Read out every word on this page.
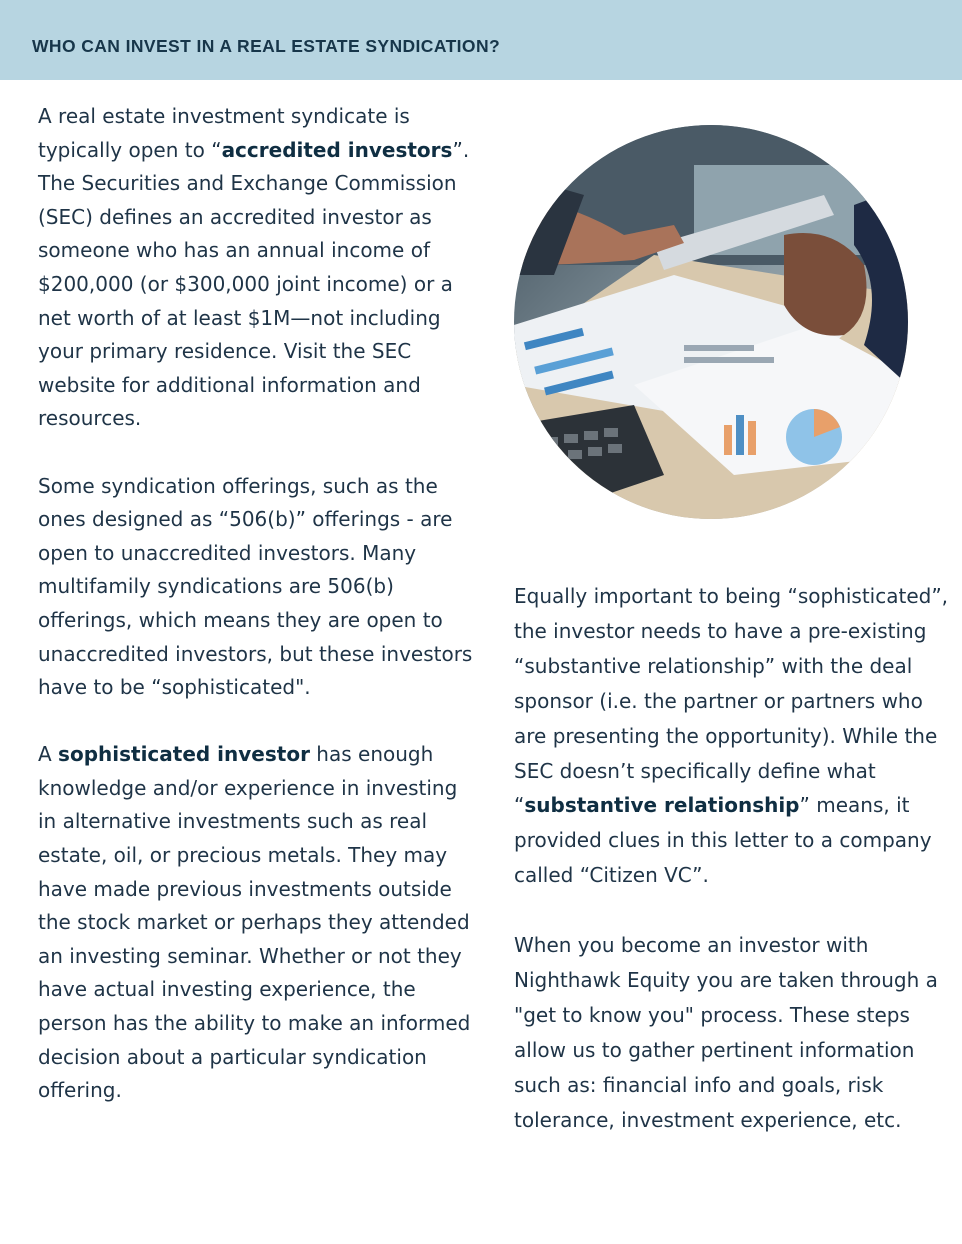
WHO CAN INVEST IN A REAL ESTATE SYNDICATION?

A real estate investment syndicate is typically open to “accredited investors”. The Securities and Exchange Commission (SEC) defines an accredited investor as someone who has an annual income of $200,000 (or $300,000 joint income) or a net worth of at least $1M—not including your primary residence. Visit the SEC website for additional information and resources.

Some syndication offerings, such as the ones designed as “506(b)” offerings - are open to unaccredited investors. Many multifamily syndications are 506(b) offerings, which means they are open to unaccredited investors, but these investors have to be “sophisticated".

A sophisticated investor has enough knowledge and/or experience in investing in alternative investments such as real estate, oil, or precious metals. They may have made previous investments outside the stock market or perhaps they attended an investing seminar. Whether or not they have actual investing experience, the person has the ability to make an informed decision about a particular syndication offering.

Equally important to being “sophisticated”, the investor needs to have a pre-existing “substantive relationship” with the deal sponsor (i.e. the partner or partners who are presenting the opportunity). While the SEC doesn’t specifically define what “substantive relationship” means, it provided clues in this letter to a company called “Citizen VC”.

When you become an investor with Nighthawk Equity you are taken through a "get to know you" process. These steps allow us to gather pertinent information such as: financial info and goals, risk tolerance, investment experience, etc.
